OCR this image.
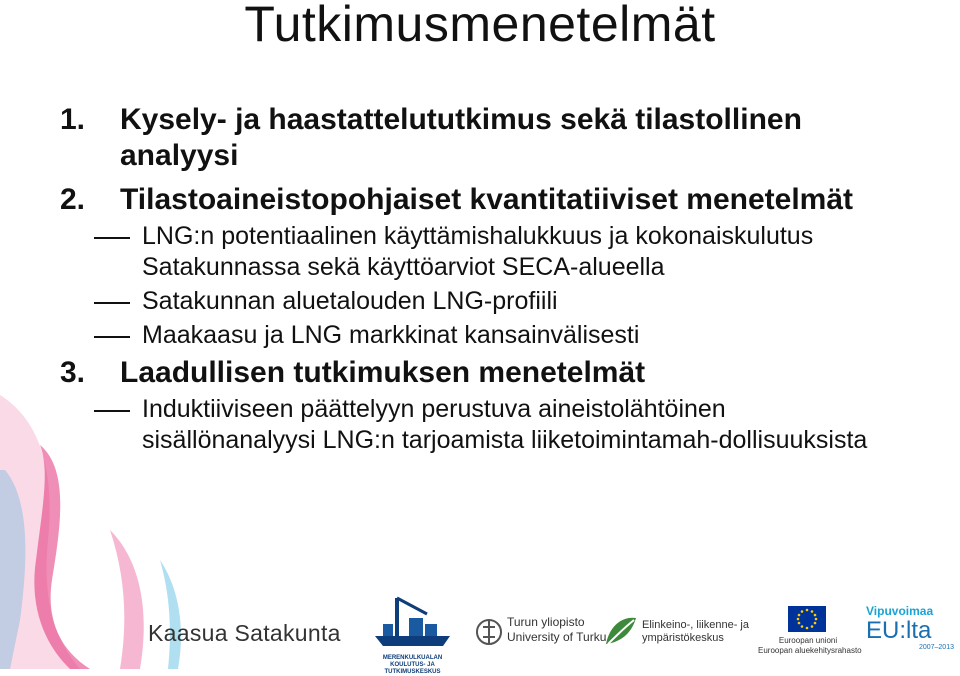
Tutkimusmenetelmät
1. Kysely- ja haastattelututkimus sekä tilastollinen analyysi
2. Tilastoaineistopohjaiset kvantitatiiviset menetelmät
LNG:n potentiaalinen käyttämishalukkuus ja kokonaiskulutus Satakunnassa sekä käyttöarviot SECA-alueella
Satakunnan aluetalouden LNG-profiili
Maakaasu ja LNG markkinat kansainvälisesti
3. Laadullisen tutkimuksen menetelmät
Induktiiviseen päättelyyn perustuva aineistolähtöinen sisällönanalyysi LNG:n tarjoamista liiketoimintamah-dollisuuksista
Kaasua Satakunta
MERENKULKUALAN KOULUTUS- JA TUTKIMUSKESKUS
Turun yliopisto
University of Turku
Elinkeino-, liikenne- ja
ympäristökeskus	Euroopan unioni
Euroopan aluekehitysrahasto
Vipuvoimaa
EU:lta
2007–2013
